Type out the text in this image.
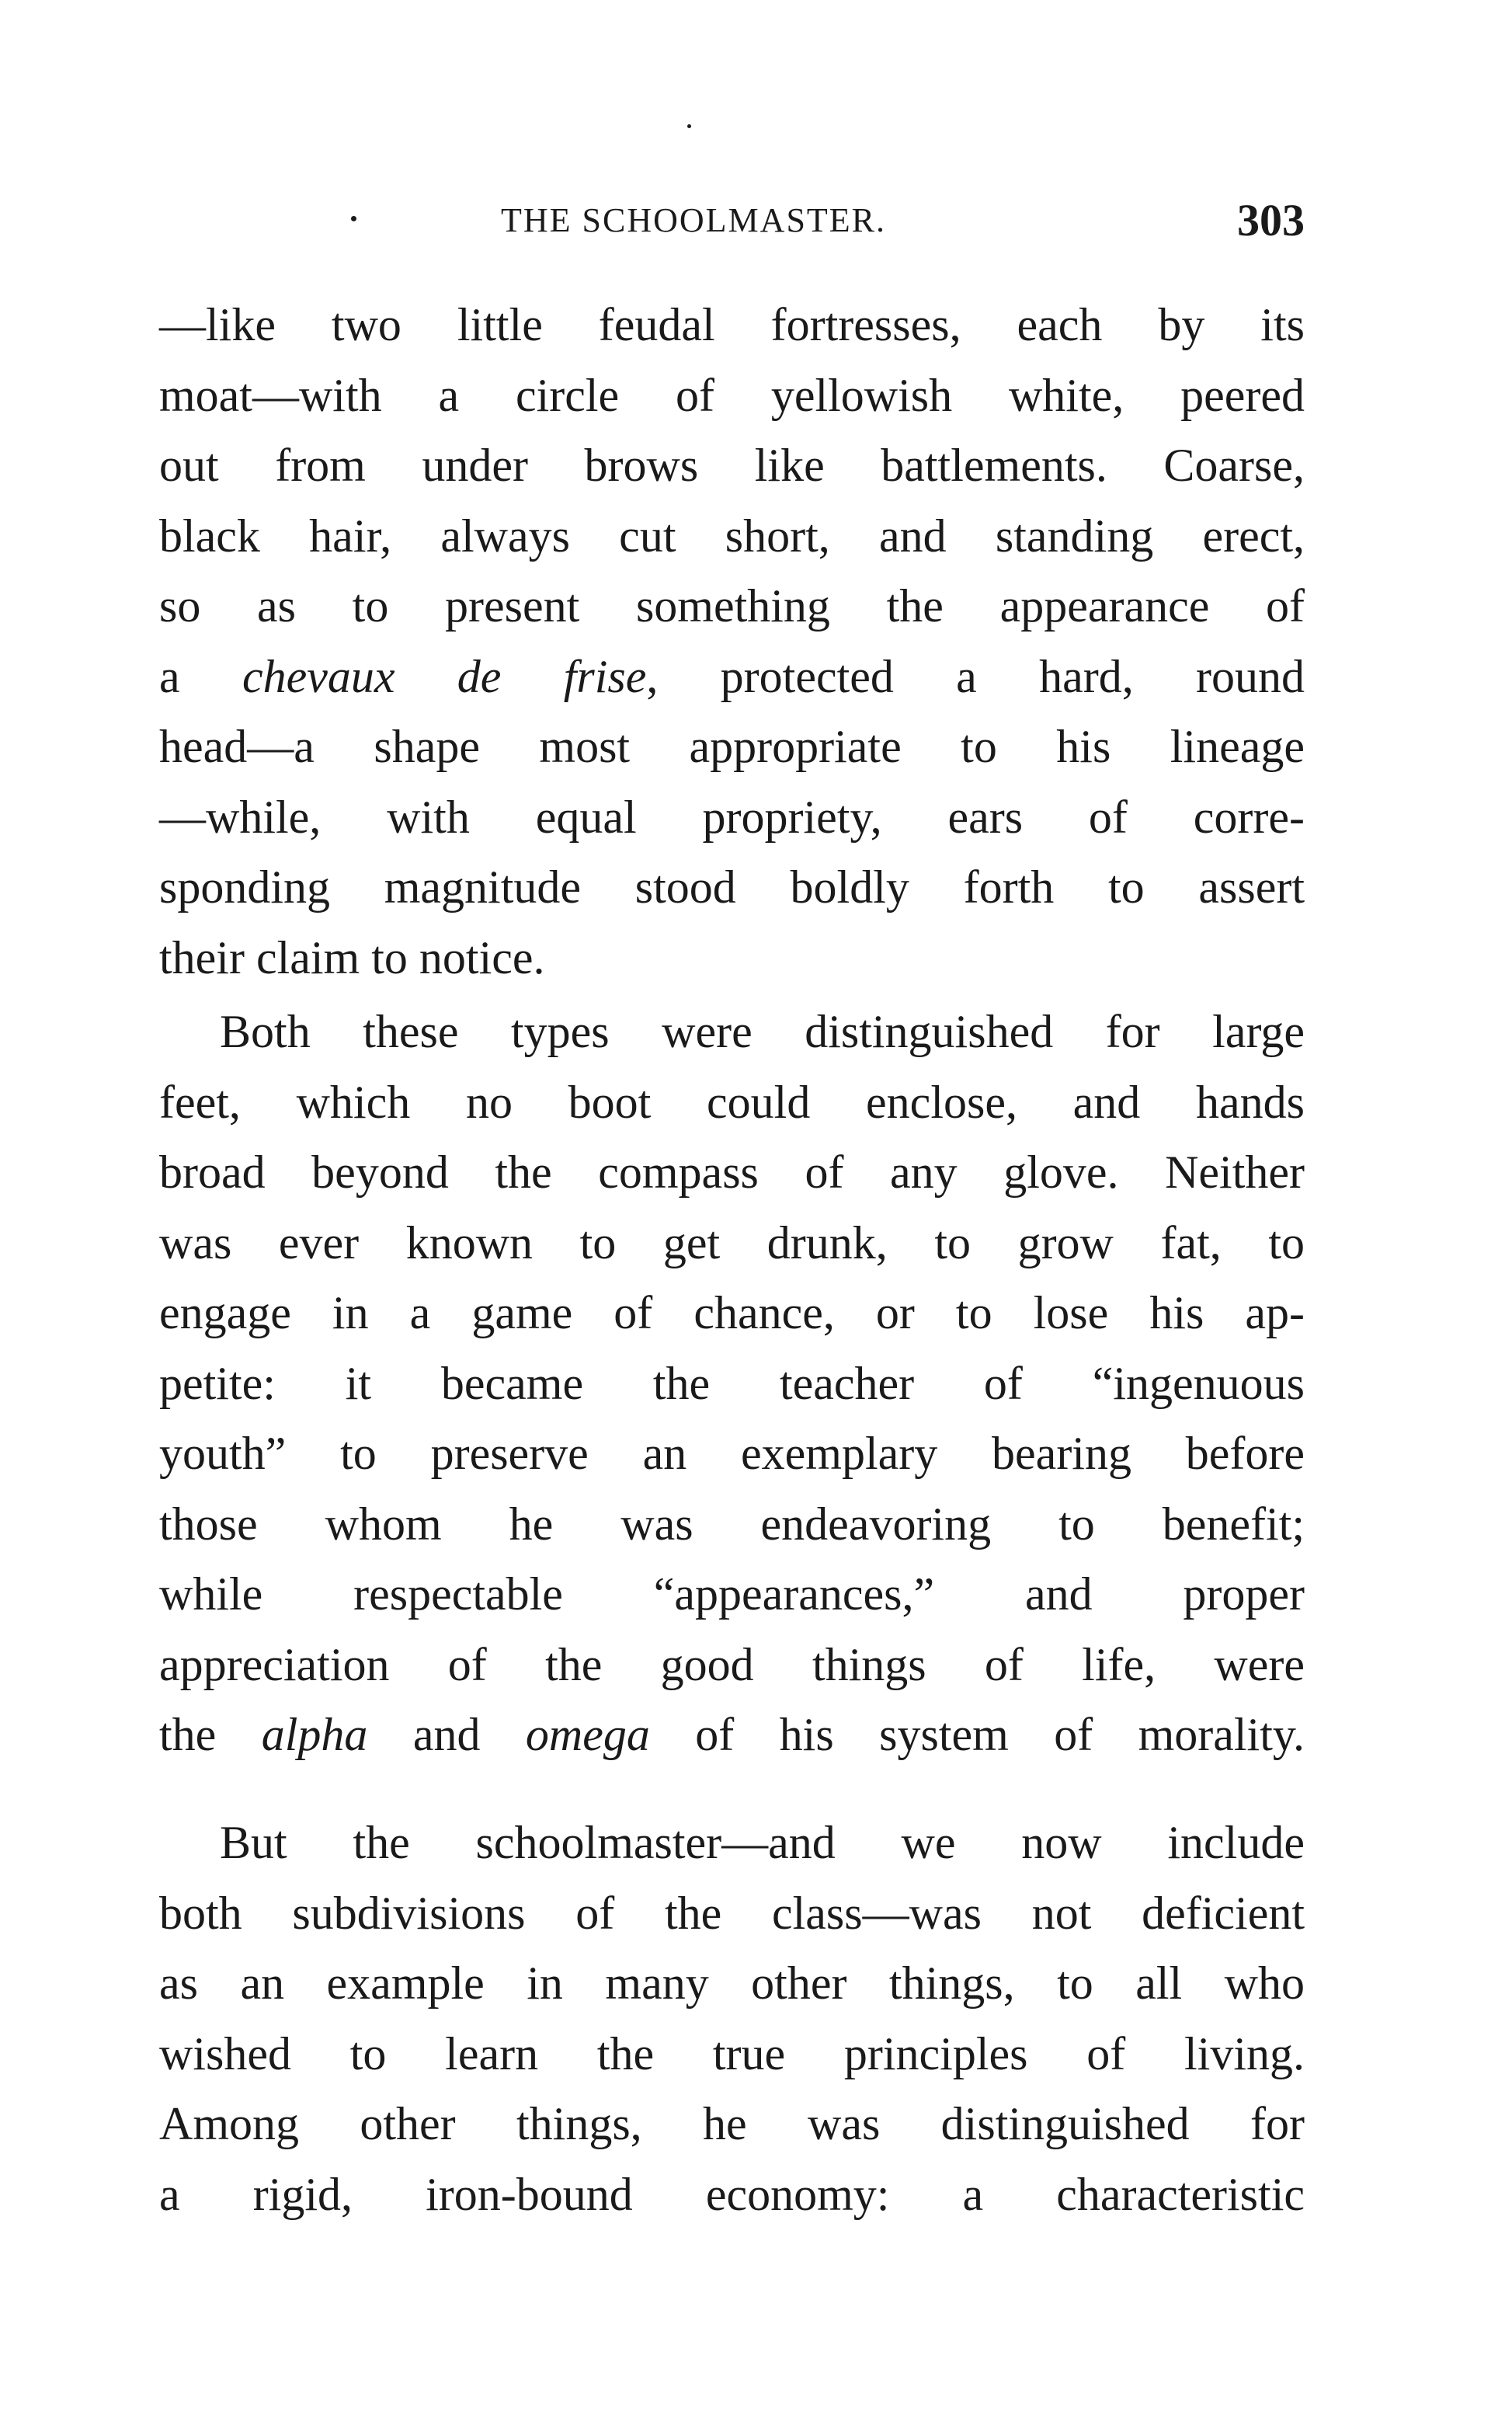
THE SCHOOLMASTER.	303
—like two little feudal fortresses, each by its
moat—with a circle of yellowish white, peered
out from under brows like battlements. Coarse,
black hair, always cut short, and standing erect,
so as to present something the appearance of
a chevaux de frise, protected a hard, round
head—a shape most appropriate to his lineage
—while, with equal propriety, ears of corre-
sponding magnitude stood boldly forth to assert
their claim to notice.
Both these types were distinguished for large
feet, which no boot could enclose, and hands
broad beyond the compass of any glove. Neither
was ever known to get drunk, to grow fat, to
engage in a game of chance, or to lose his ap-
petite: it became the teacher of “ingenuous
youth” to preserve an exemplary bearing before
those whom he was endeavoring to benefit;
while respectable “appearances,” and proper
appreciation of the good things of life, were
the alpha and omega of his system of morality.
But the schoolmaster—and we now include
both subdivisions of the class—was not deficient
as an example in many other things, to all who
wished to learn the true principles of living.
Among other things, he was distinguished for
a rigid, iron-bound economy: a characteristic
